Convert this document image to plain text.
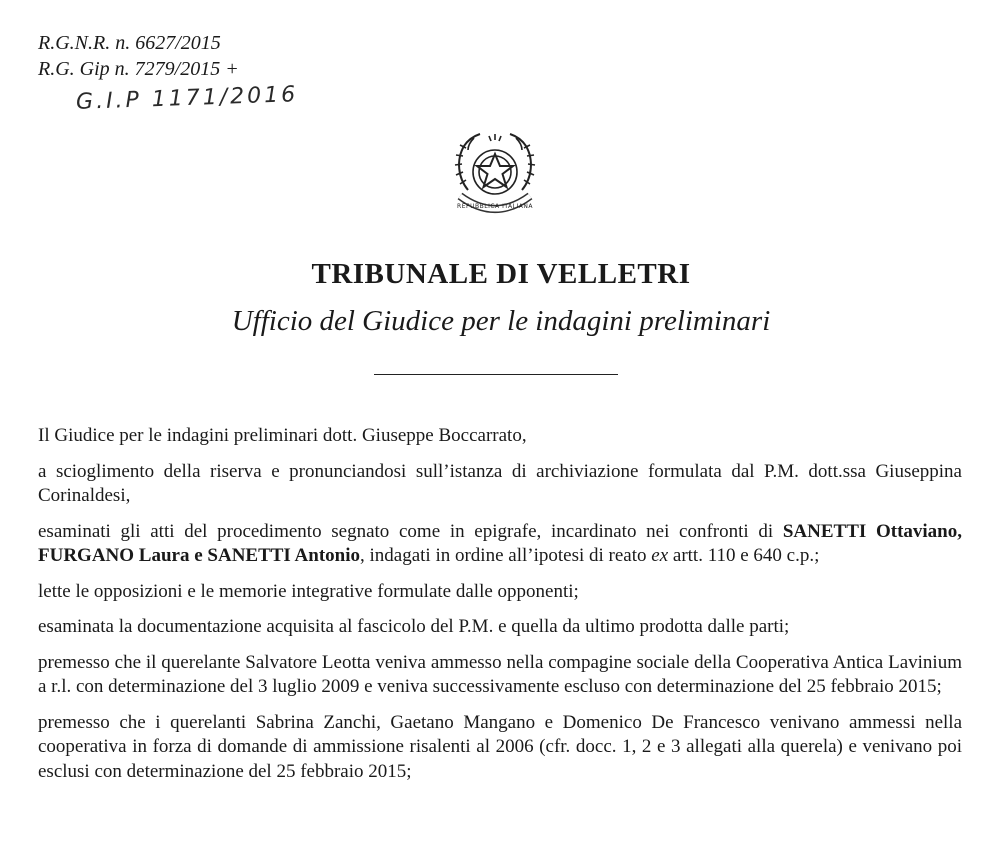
R.G.N.R. n. 6627/2015
R.G. Gip n. 7279/2015 +
G.I.P 1171/2016
REPUBBLICA ITALIANA
TRIBUNALE DI VELLETRI
Ufficio del Giudice per le indagini preliminari

Il Giudice per le indagini preliminari dott. Giuseppe Boccarrato,

a scioglimento della riserva e pronunciandosi sull’istanza di archiviazione formulata dal P.M. dott.ssa Giuseppina Corinaldesi,

esaminati gli atti del procedimento segnato come in epigrafe, incardinato nei confronti di SANETTI Ottaviano, FURGANO Laura e SANETTI Antonio, indagati in ordine all’ipotesi di reato ex artt. 110 e 640 c.p.;

lette le opposizioni e le memorie integrative formulate dalle opponenti;

esaminata la documentazione acquisita al fascicolo del P.M. e quella da ultimo prodotta dalle parti;

premesso che il querelante Salvatore Leotta veniva ammesso nella compagine sociale della Cooperativa Antica Lavinium a r.l. con determinazione del 3 luglio 2009 e veniva successivamente escluso con determinazione del 25 febbraio 2015;

premesso che i querelanti Sabrina Zanchi, Gaetano Mangano e Domenico De Francesco venivano ammessi nella cooperativa in forza di domande di ammissione risalenti al 2006 (cfr. docc. 1, 2 e 3 allegati alla querela) e venivano poi esclusi con determinazione del 25 febbraio 2015;
